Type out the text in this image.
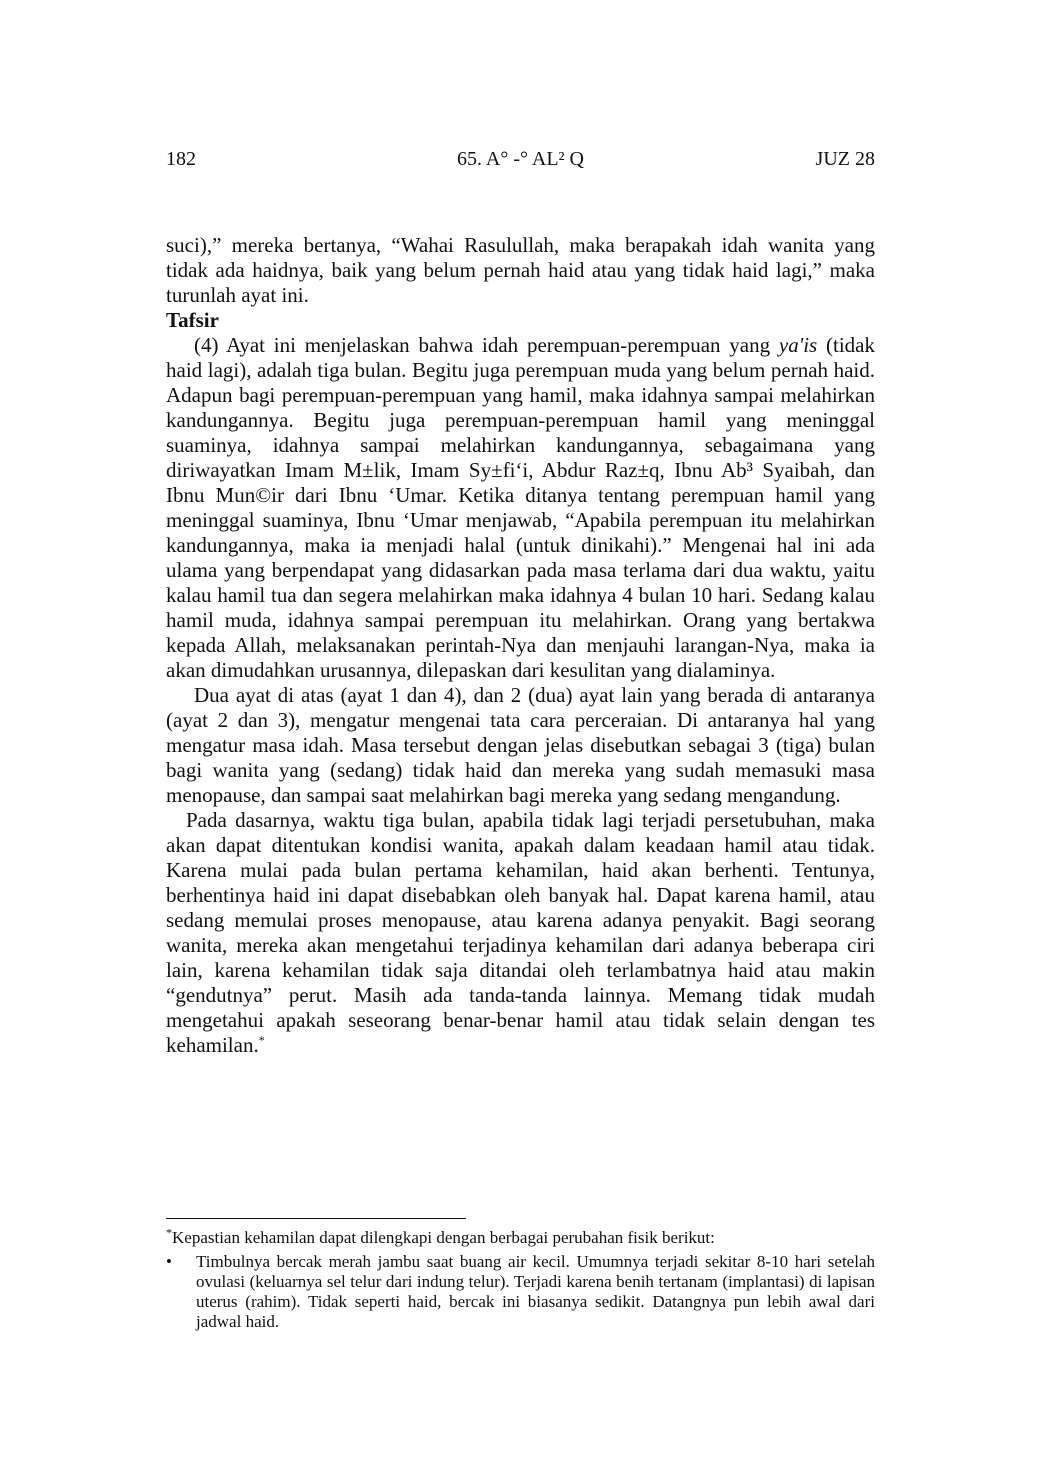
182	65. A° -° AL² Q	JUZ 28

suci),” mereka bertanya, “Wahai Rasulullah, maka berapakah idah wanita yang tidak ada haidnya, baik yang belum pernah haid atau yang tidak haid lagi,” maka turunlah ayat ini.

Tafsir

(4) Ayat ini menjelaskan bahwa idah perempuan-perempuan yang ya'is (tidak haid lagi), adalah tiga bulan. Begitu juga perempuan muda yang belum pernah haid. Adapun bagi perempuan-perempuan yang hamil, maka idahnya sampai melahirkan kandungannya. Begitu juga perempuan-perempuan hamil yang meninggal suaminya, idahnya sampai melahirkan kandungannya, sebagaimana yang diriwayatkan Imam M±lik, Imam Sy±fi‘i, Abdur Raz±q, Ibnu Ab³ Syaibah, dan Ibnu Mun©ir dari Ibnu ‘Umar. Ketika ditanya tentang perempuan hamil yang meninggal suaminya, Ibnu ‘Umar menjawab, “Apabila perempuan itu melahirkan kandungannya, maka ia menjadi halal (untuk dinikahi).” Mengenai hal ini ada ulama yang berpendapat yang didasarkan pada masa terlama dari dua waktu, yaitu kalau hamil tua dan segera melahirkan maka idahnya 4 bulan 10 hari. Sedang kalau hamil muda, idahnya sampai perempuan itu melahirkan. Orang yang bertakwa kepada Allah, melaksanakan perintah-Nya dan menjauhi larangan-Nya, maka ia akan dimudahkan urusannya, dilepaskan dari kesulitan yang dialaminya.

Dua ayat di atas (ayat 1 dan 4), dan 2 (dua) ayat lain yang berada di antaranya (ayat 2 dan 3), mengatur mengenai tata cara perceraian. Di antaranya hal yang mengatur masa idah. Masa tersebut dengan jelas disebutkan sebagai 3 (tiga) bulan bagi wanita yang (sedang) tidak haid dan mereka yang sudah memasuki masa menopause, dan sampai saat melahirkan bagi mereka yang sedang mengandung.

Pada dasarnya, waktu tiga bulan, apabila tidak lagi terjadi persetubuhan, maka akan dapat ditentukan kondisi wanita, apakah dalam keadaan hamil atau tidak. Karena mulai pada bulan pertama kehamilan, haid akan berhenti. Tentunya, berhentinya haid ini dapat disebabkan oleh banyak hal. Dapat karena hamil, atau sedang memulai proses menopause, atau karena adanya penyakit. Bagi seorang wanita, mereka akan mengetahui terjadinya kehamilan dari adanya beberapa ciri lain, karena kehamilan tidak saja ditandai oleh terlambatnya haid atau makin “gendutnya” perut. Masih ada tanda-tanda lainnya. Memang tidak mudah mengetahui apakah seseorang benar-benar hamil atau tidak selain dengan tes kehamilan.*

*Kepastian kehamilan dapat dilengkapi dengan berbagai perubahan fisik berikut:

• Timbulnya bercak merah jambu saat buang air kecil. Umumnya terjadi sekitar 8-10 hari setelah ovulasi (keluarnya sel telur dari indung telur). Terjadi karena benih tertanam (implantasi) di lapisan uterus (rahim). Tidak seperti haid, bercak ini biasanya sedikit. Datangnya pun lebih awal dari jadwal haid.
